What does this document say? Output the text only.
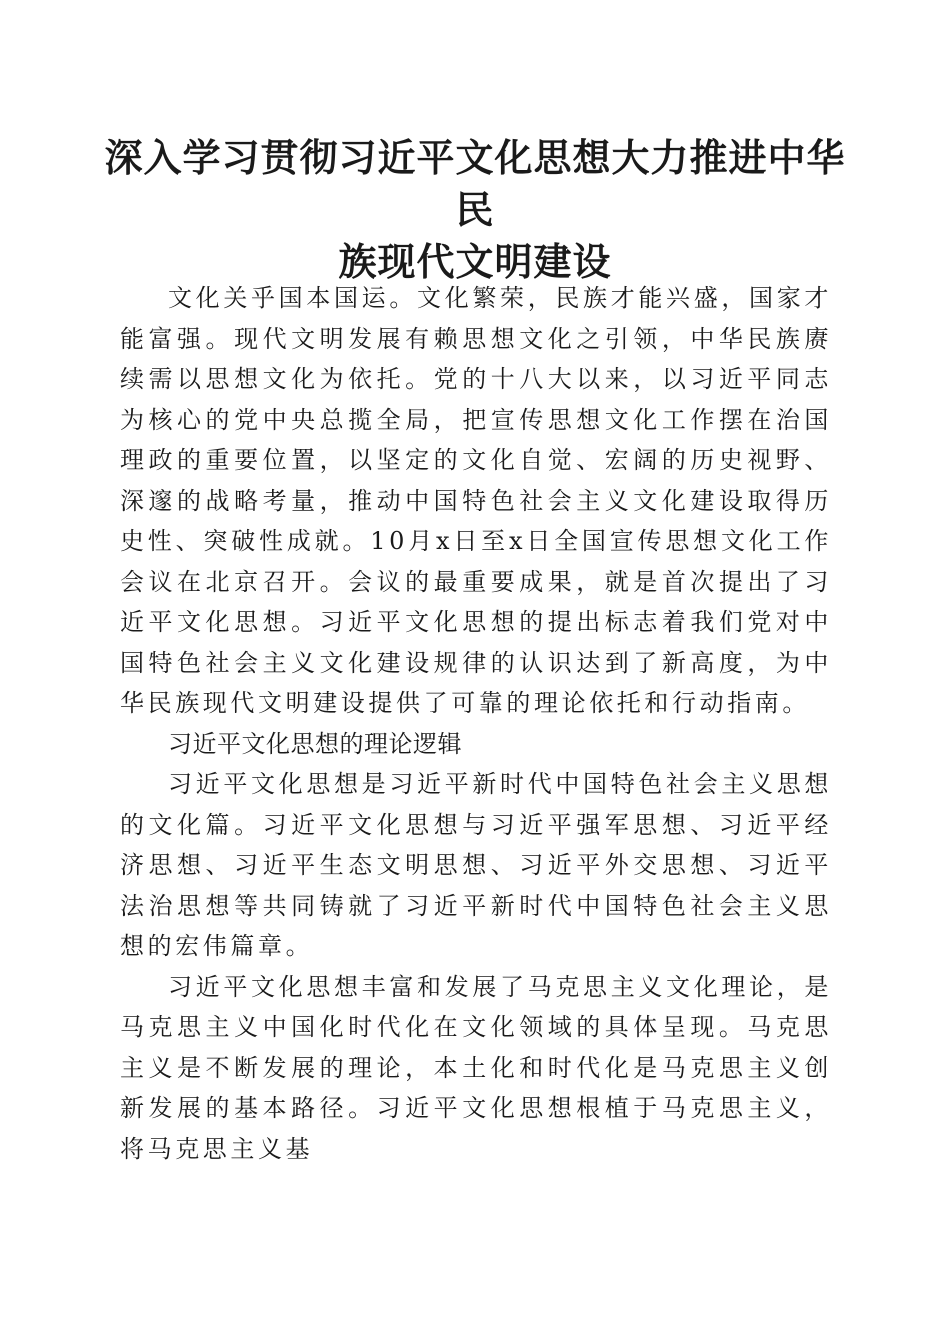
深入学习贯彻习近平文化思想大力推进中华民
族现代文明建设

文化关乎国本国运。文化繁荣，民族才能兴盛，国家才能富强。现代文明发展有赖思想文化之引领，中华民族赓续需以思想文化为依托。党的十八大以来，以习近平同志为核心的党中央总揽全局，把宣传思想文化工作摆在治国理政的重要位置，以坚定的文化自觉、宏阔的历史视野、深邃的战略考量，推动中国特色社会主义文化建设取得历史性、突破性成就。10月x日至x日全国宣传思想文化工作会议在北京召开。会议的最重要成果，就是首次提出了习近平文化思想。习近平文化思想的提出标志着我们党对中国特色社会主义文化建设规律的认识达到了新高度，为中华民族现代文明建设提供了可靠的理论依托和行动指南。

习近平文化思想的理论逻辑

习近平文化思想是习近平新时代中国特色社会主义思想的文化篇。习近平文化思想与习近平强军思想、习近平经济思想、习近平生态文明思想、习近平外交思想、习近平法治思想等共同铸就了习近平新时代中国特色社会主义思想的宏伟篇章。

习近平文化思想丰富和发展了马克思主义文化理论，是马克思主义中国化时代化在文化领域的具体呈现。马克思主义是不断发展的理论，本土化和时代化是马克思主义创新发展的基本路径。习近平文化思想根植于马克思主义，将马克思主义基
